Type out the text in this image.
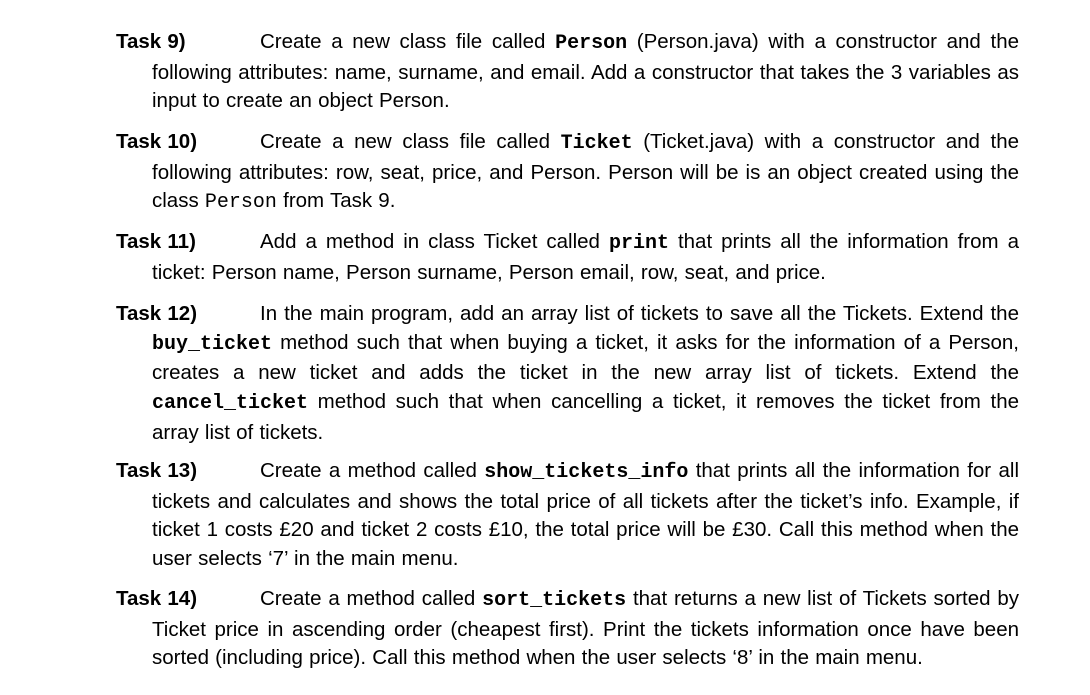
Task 9)	Create a new class file called Person (Person.java) with a constructor and the following attributes: name, surname, and email. Add a constructor that takes the 3 variables as input to create an object Person.
Task 10)	Create a new class file called Ticket (Ticket.java) with a constructor and the following attributes: row, seat, price, and Person. Person will be is an object created using the class Person from Task 9.
Task 11)	Add a method in class Ticket called print that prints all the information from a ticket: Person name, Person surname, Person email, row, seat, and price.
Task 12)	In the main program, add an array list of tickets to save all the Tickets. Extend the buy_ticket method such that when buying a ticket, it asks for the information of a Person, creates a new ticket and adds the ticket in the new array list of tickets. Extend the cancel_ticket method such that when cancelling a ticket, it removes the ticket from the array list of tickets.
Task 13)	Create a method called show_tickets_info that prints all the information for all tickets and calculates and shows the total price of all tickets after the ticket’s info. Example, if ticket 1 costs £20 and ticket 2 costs £10, the total price will be £30. Call this method when the user selects ‘7’ in the main menu.
Task 14)	Create a method called sort_tickets that returns a new list of Tickets sorted by Ticket price in ascending order (cheapest first). Print the tickets information once have been sorted (including price). Call this method when the user selects ‘8’ in the main menu.
